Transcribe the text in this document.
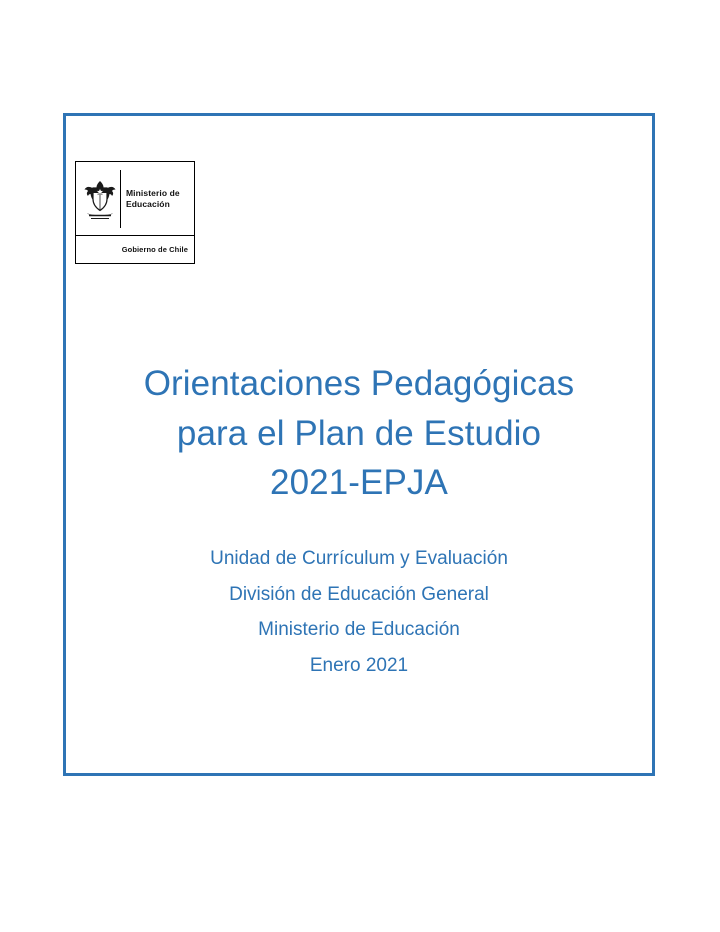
Ministerio de
Educación
Gobierno de Chile
Orientaciones Pedagógicas
para el Plan de Estudio
2021-EPJA
Unidad de Currículum y Evaluación
División de Educación General
Ministerio de Educación
Enero 2021
